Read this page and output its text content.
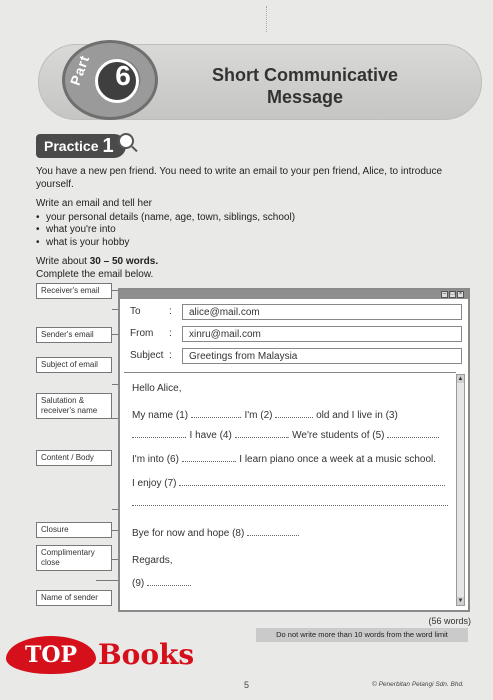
Part 6	Short Communicative Message
Practice 1

You have a new pen friend. You need to write an email to your pen friend, Alice, to introduce yourself.

Write an email and tell her
• your personal details (name, age, town, siblings, school)
• what you're into
• what is your hobby
Write about 30 – 50 words.
Complete the email below.
Receiver's email
Sender's email
Subject of email
Salutation & receiver's name
Content / Body
Closure
Complimentary close
Name of sender
– □ ×
To	:	alice@mail.com
From :	xinru@mail.com
Subject :	Greetings from Malaysia
▲
▼
Hello Alice,
My name (1)	. I'm (2)	old and I live in (3)
. I have (4)	. We're students of (5)
I'm into (6)	. I learn piano once a week at a music school.
I enjoy (7)
Bye for now and hope (8)
Regards,
(9)
(56 words)
Do not write more than 10 words from the word limit
TOP Books
5	© Penerbitan Pelangi Sdn. Bhd.
